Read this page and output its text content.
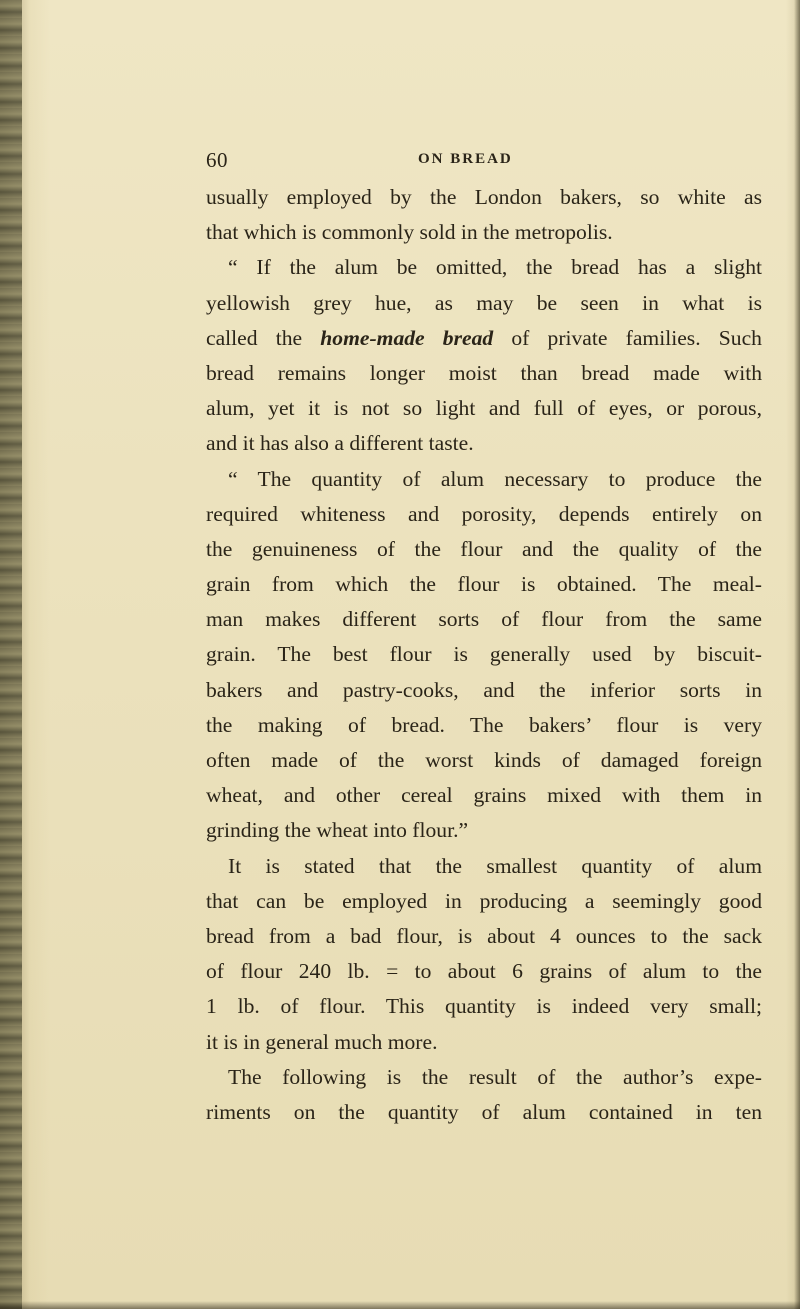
60	ON BREAD
usually employed by the London bakers, so white as
that which is commonly sold in the metropolis.
“ If the alum be omitted, the bread has a slight
yellowish grey hue, as may be seen in what is
called the home-made bread of private families. Such
bread remains longer moist than bread made with
alum, yet it is not so light and full of eyes, or porous,
and it has also a different taste.
“ The quantity of alum necessary to produce the
required whiteness and porosity, depends entirely on
the genuineness of the flour and the quality of the
grain from which the flour is obtained. The meal-
man makes different sorts of flour from the same
grain. The best flour is generally used by biscuit-
bakers and pastry-cooks, and the inferior sorts in
the making of bread. The bakers’ flour is very
often made of the worst kinds of damaged foreign
wheat, and other cereal grains mixed with them in
grinding the wheat into flour.”
It is stated that the smallest quantity of alum
that can be employed in producing a seemingly good
bread from a bad flour, is about 4 ounces to the sack
of flour 240 lb. = to about 6 grains of alum to the
1 lb. of flour. This quantity is indeed very small;
it is in general much more.
The following is the result of the author’s expe-
riments on the quantity of alum contained in ten
